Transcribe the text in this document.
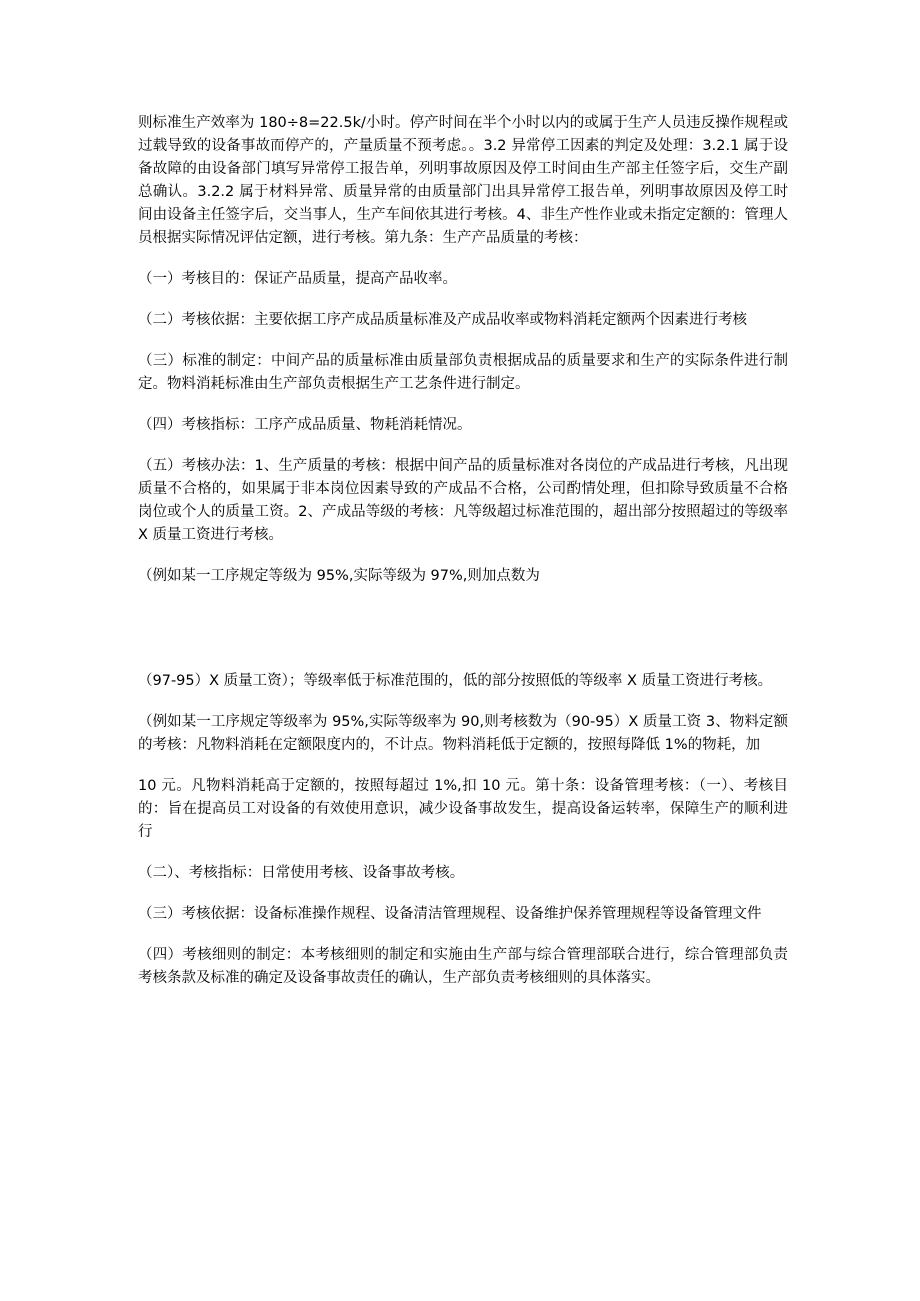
则标准生产效率为 180÷8=22.5k/小时。停产时间在半个小时以内的或属于生产人员违反操作规程或过载导致的设备事故而停产的，产量质量不预考虑。。3.2 异常停工因素的判定及处理：3.2.1 属于设备故障的由设备部门填写异常停工报告单，列明事故原因及停工时间由生产部主任签字后，交生产副总确认。3.2.2 属于材料异常、质量异常的由质量部门出具异常停工报告单，列明事故原因及停工时间由设备主任签字后，交当事人，生产车间依其进行考核。4、非生产性作业或未指定定额的：管理人员根据实际情况评估定额，进行考核。第九条：生产产品质量的考核：

（一）考核目的：保证产品质量，提高产品收率。

（二）考核依据：主要依据工序产成品质量标准及产成品收率或物料消耗定额两个因素进行考核

（三）标准的制定：中间产品的质量标准由质量部负责根据成品的质量要求和生产的实际条件进行制定。物料消耗标准由生产部负责根据生产工艺条件进行制定。

（四）考核指标：工序产成品质量、物耗消耗情况。

（五）考核办法：1、生产质量的考核：根据中间产品的质量标准对各岗位的产成品进行考核，凡出现质量不合格的，如果属于非本岗位因素导致的产成品不合格，公司酌情处理，但扣除导致质量不合格岗位或个人的质量工资。2、产成品等级的考核：凡等级超过标准范围的，超出部分按照超过的等级率 X 质量工资进行考核。

（例如某一工序规定等级为 95%,实际等级为 97%,则加点数为

（97-95）X 质量工资）；等级率低于标准范围的，低的部分按照低的等级率 X 质量工资进行考核。

（例如某一工序规定等级率为 95%,实际等级率为 90,则考核数为（90-95）X 质量工资 3、物料定额的考核：凡物料消耗在定额限度内的，不计点。物料消耗低于定额的，按照每降低 1%的物耗，加

10 元。凡物料消耗高于定额的，按照每超过 1%,扣 10 元。第十条：设备管理考核：（一）、考核目的：旨在提高员工对设备的有效使用意识，减少设备事故发生，提高设备运转率，保障生产的顺利进行

（二）、考核指标：日常使用考核、设备事故考核。

（三）考核依据：设备标准操作规程、设备清洁管理规程、设备维护保养管理规程等设备管理文件

（四）考核细则的制定：本考核细则的制定和实施由生产部与综合管理部联合进行，综合管理部负责考核条款及标准的确定及设备事故责任的确认，生产部负责考核细则的具体落实。
